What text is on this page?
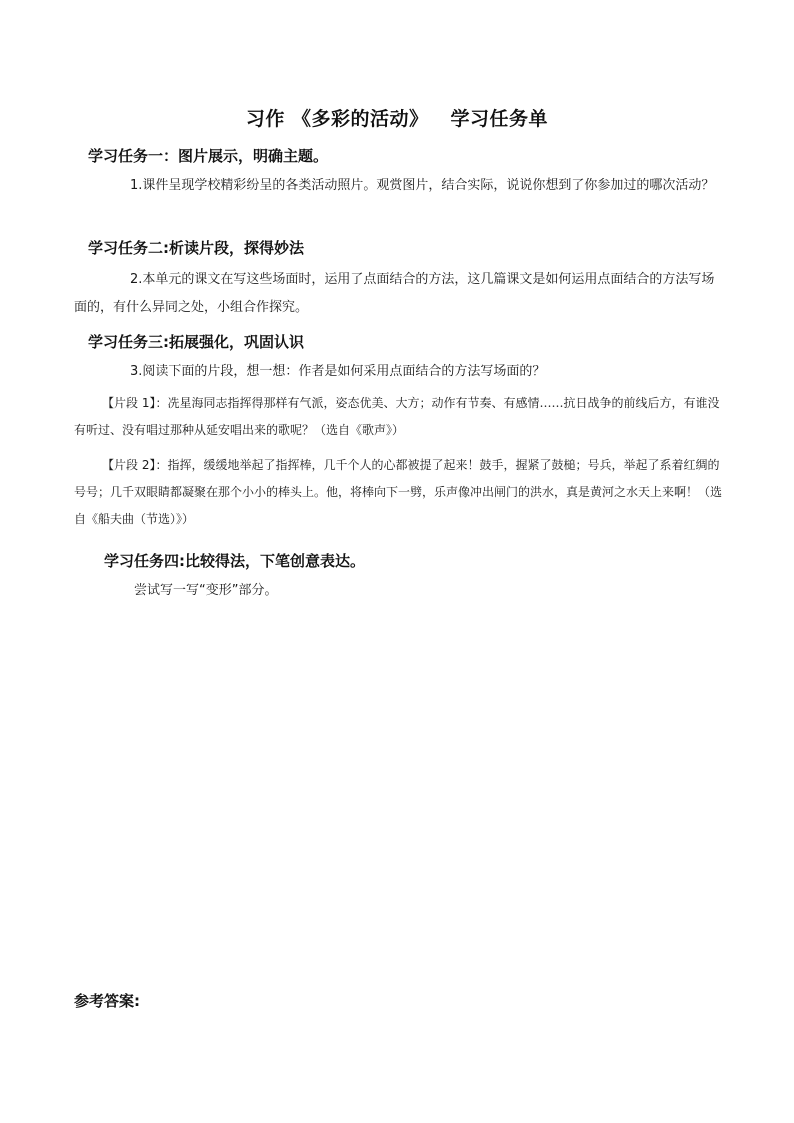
习作 《多彩的活动》 学习任务单
学习任务一：图片展示，明确主题。
1.课件呈现学校精彩纷呈的各类活动照片。观赏图片，结合实际，说说你想到了你参加过的哪次活动？
学习任务二:析读片段，探得妙法
2.本单元的课文在写这些场面时，运用了点面结合的方法，这几篇课文是如何运用点面结合的方法写场面的，有什么异同之处，小组合作探究。
学习任务三:拓展强化，巩固认识
3.阅读下面的片段，想一想：作者是如何采用点面结合的方法写场面的？
【片段 1】：冼星海同志指挥得那样有气派，姿态优美、大方；动作有节奏、有感情……抗日战争的前线后方，有谁没有听过、没有唱过那种从延安唱出来的歌呢？（选自《歌声》）
【片段 2】：指挥，缓缓地举起了指挥棒，几千个人的心都被提了起来！鼓手，握紧了鼓槌；号兵，举起了系着红绸的号号；几千双眼睛都凝聚在那个小小的棒头上。他，将棒向下一劈，乐声像冲出闸门的洪水，真是黄河之水天上来啊！（选自《船夫曲（节选）》）
学习任务四:比较得法，下笔创意表达。
尝试写一写“变形”部分。
参考答案:
